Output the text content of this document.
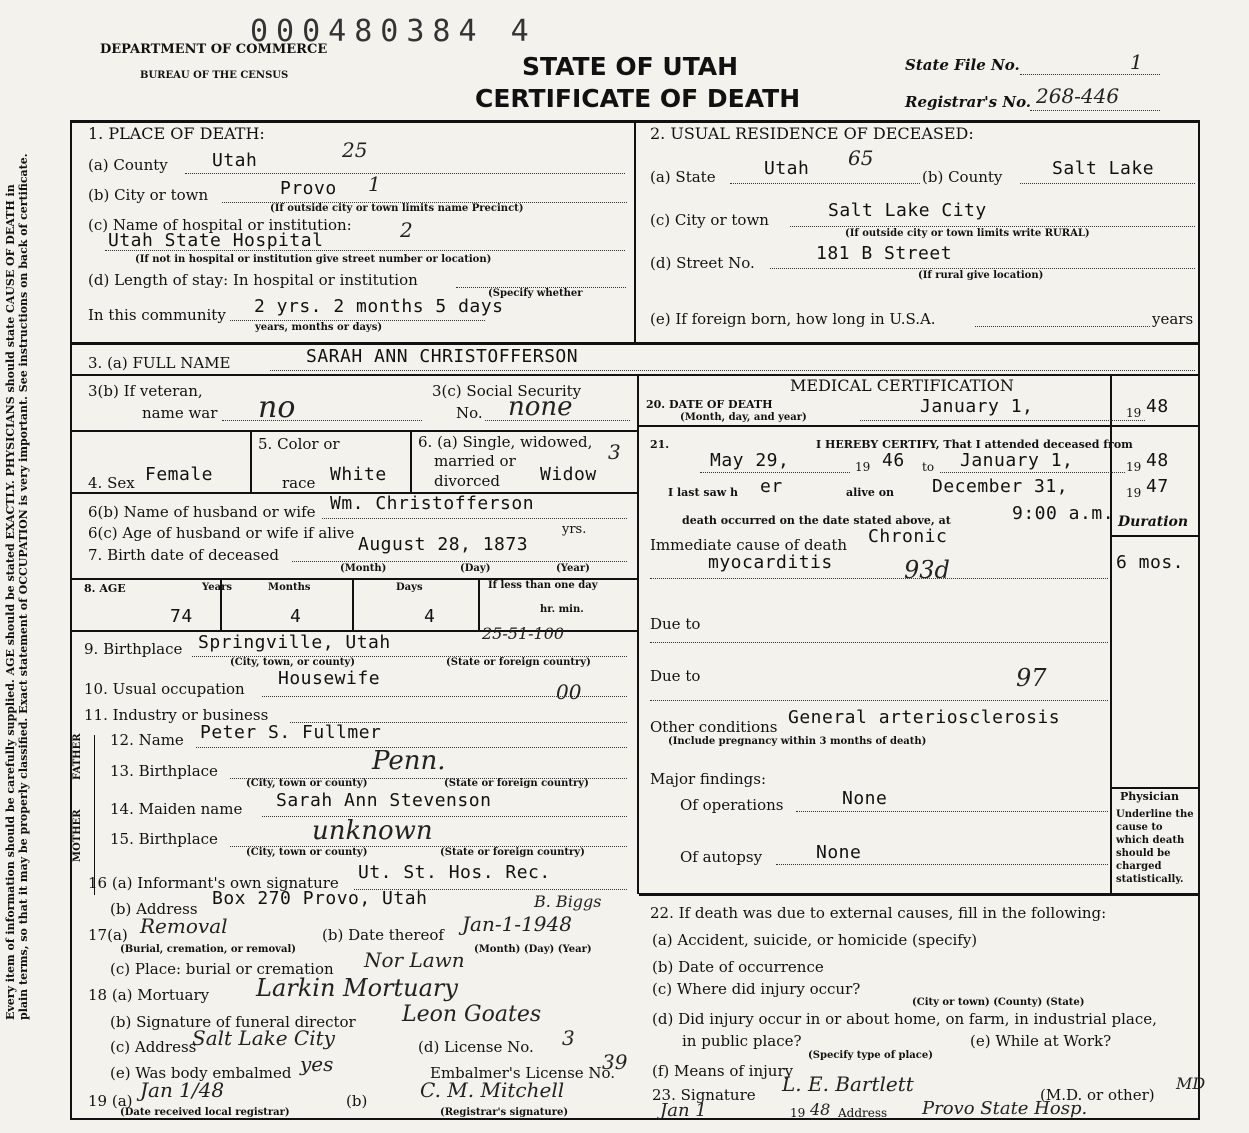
Every item of information should be carefully supplied. AGE should be stated EXACTLY. PHYSICIANS should state CAUSE OF DEATH in plain terms, so that it may be properly classified. Exact statement of OCCUPATION is very important. See instructions on back of certificate.
000480384 4
DEPARTMENT OF COMMERCE
BUREAU OF THE CENSUS	STATE OF UTAH
CERTIFICATE OF DEATH
State File No.	1
Registrar's No. 268-446
1. PLACE OF DEATH:
(a) County Utah	25
(b) City or town	Provo 1
(If outside city or town limits name Precinct)
(c) Name of hospital or institution:
Utah State Hospital	2
(If not in hospital or institution give street number or location)
(d) Length of stay: In hospital or institution
In this community 2 yrs. 2 months 5 days
(Specify whether
years, months or days)
2. USUAL RESIDENCE OF DECEASED:
(a) State	Utah 65
(b) County	Salt Lake
(c) City or town	Salt Lake City
(If outside city or town limits write RURAL)
(d) Street No.	181 B Street
(If rural give location)
(e) If foreign born, how long in U.S.A.	years
3. (a) FULL NAME	SARAH ANN CHRISTOFFERSON
3(b) If veteran,
name war no	3(c) Social Security
No. none
4. Sex Female
5. Color or
race White
6. (a) Single, widowed,
married or
divorced Widow
3
6(b) Name of husband or wife Wm. Christofferson
6(c) Age of husband or wife if alive	yrs.
7. Birth date of deceased	August 28, 1873
(Month)	(Day)	(Year)
8. AGE	Years	Months	Days	If less than one day
hr. min.
74	4	4
9. Birthplace Springville, Utah	25-51-100
(City, town, or county)	(State or foreign country)
10. Usual occupation Housewife
00
11. Industry or business
FATHER
MOTHER
12. Name Peter S. Fullmer
13. Birthplace	Penn.
(City, town or county)	(State or foreign country)
14. Maiden name Sarah Ann Stevenson
15. Birthplace	unknown
(City, town or county)	(State or foreign country)
16 (a) Informant's own signature Ut. St. Hos. Rec.
(b) Address Box 270 Provo, Utah	B. Biggs
17(a) Removal
(Burial, cremation, or removal)
(b) Date thereof Jan-1-1948
(Month) (Day) (Year)
(c) Place: burial or cremation Nor Lawn
18 (a) Mortuary Larkin Mortuary
(b) Signature of funeral director Leon Goates
(c) Address
Salt Lake City	(d) License No. 3
(e) Was body embalmed yes	Embalmer's License No.
39
19 (a) Jan 1/48
(Date received local registrar)
(b)	C. M. Mitchell
(Registrar's signature)
MEDICAL CERTIFICATION
20. DATE OF DEATH
(Month, day, and year)
January 1,	19 48
21.	I HEREBY CERTIFY, That I attended deceased from
May 29,	19 46 to January 1,	19 48
I last saw h er	alive on December 31,	19 47
death occurred on the date stated above, at	9:00 a.m. Duration
Immediate cause of death Chronic
myocarditis	93d	6 mos.
Due to
Due to	97
Other conditions General arteriosclerosis
(Include pregnancy within 3 months of death)
Major findings:
Of operations	None
Of autopsy	None
Physician
Underline the cause to which death should be charged statistically.
22. If death was due to external causes, fill in the following:
(a) Accident, suicide, or homicide (specify)
(b) Date of occurrence
(c) Where did injury occur?
(City or town) (County) (State)
(d) Did injury occur in or about home, on farm, in industrial place,
in public place?
(Specify type of place)
(e) While at Work?
(f) Means of injury
23. Signature L. E. Bartlett	(M.D. or other)
MD
Jan 1	19 48 Address Provo State Hosp.
